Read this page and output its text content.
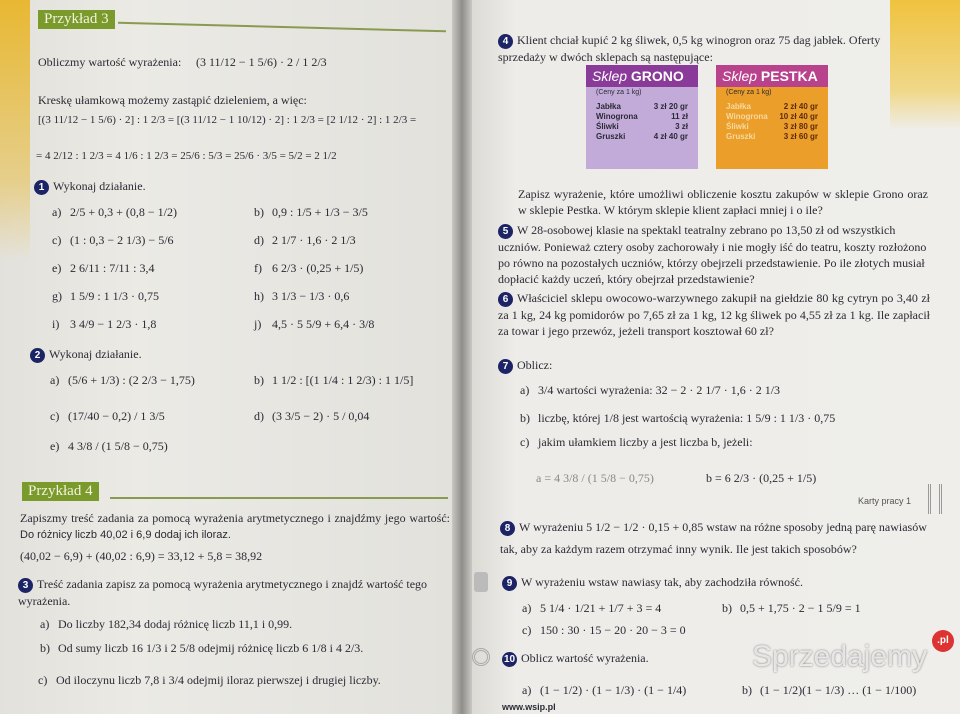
Przykład 3
Obliczmy wartość wyrażenia: (3 11/12 − 1 5/6) · 2 / 1 2/3
Kreskę ułamkową możemy zastąpić dzieleniem, a więc:
[(3 11/12 − 1 5/6) · 2] : 1 2/3 = [(3 11/12 − 1 10/12) · 2] : 1 2/3 = [2 1/12 · 2] : 1 2/3 =
= 4 2/12 : 1 2/3 = 4 1/6 : 1 2/3 = 25/6 : 5/3 = 25/6 · 3/5 = 5/2 = 2 1/2
1 Wykonaj działanie.
a) 2/5 + 0,3 + (0,8 − 1/2)	b) 0,9 : 1/5 + 1/3 − 3/5
c) (1 : 0,3 − 2 1/3) − 5/6	d) 2 1/7 · 1,6 · 2 1/3
e) 2 6/11 : 7/11 : 3,4	f) 6 2/3 · (0,25 + 1/5)
g) 1 5/9 : 1 1/3 · 0,75	h) 3 1/3 − 1/3 · 0,6
i) 3 4/9 − 1 2/3 · 1,8	j) 4,5 · 5 5/9 + 6,4 · 3/8
2 Wykonaj działanie.
a) (5/6 + 1/3) : (2 2/3 − 1,75)	b) 1 1/2 : [(1 1/4 : 1 2/3) : 1 1/5]
c) (17/40 − 0,2) / 1 3/5	d) (3 3/5 − 2) · 5 / 0,04
e) 4 3/8 / (1 5/8 − 0,75)
Przykład 4
Zapiszmy treść zadania za pomocą wyrażenia arytmetycznego i znajdźmy jego wartość: Do różnicy liczb 40,02 i 6,9 dodaj ich iloraz.
(40,02 − 6,9) + (40,02 : 6,9) = 33,12 + 5,8 = 38,92
3 Treść zadania zapisz za pomocą wyrażenia arytmetycznego i znajdź wartość tego wyrażenia.
a) Do liczby 182,34 dodaj różnicę liczb 11,1 i 0,99.
b) Od sumy liczb 16 1/3 i 2 5/8 odejmij różnicę liczb 6 1/8 i 4 2/3.
c) Od iloczynu liczb 7,8 i 3/4 odejmij iloraz pierwszej i drugiej liczby.
4 Klient chciał kupić 2 kg śliwek, 0,5 kg winogron oraz 75 dag jabłek. Oferty sprzedaży w dwóch sklepach są następujące:
Sklep GRONO
(Ceny za 1 kg)
Jabłka	3 zł 20 gr
Winogrona	11 zł
Śliwki	3 zł
Gruszki	4 zł 40 gr
Sklep PESTKA
(Ceny za 1 kg)
Jabłka	2 zł 40 gr
Winogrona 10 zł 40 gr
Śliwki	3 zł 80 gr
Gruszki	3 zł 60 gr
Zapisz wyrażenie, które umożliwi obliczenie kosztu zakupów w sklepie Grono oraz w sklepie Pestka. W którym sklepie klient zapłaci mniej i o ile?
5 W 28-osobowej klasie na spektakl teatralny zebrano po 13,50 zł od wszystkich uczniów. Ponieważ cztery osoby zachorowały i nie mogły iść do teatru, koszty rozłożono po równo na pozostałych uczniów, którzy obejrzeli przedstawienie. Po ile złotych musiał dopłacić każdy uczeń, który obejrzał przedstawienie?
6 Właściciel sklepu owocowo-warzywnego zakupił na giełdzie 80 kg cytryn po 3,40 zł za 1 kg, 24 kg pomidorów po 7,65 zł za 1 kg, 12 kg śliwek po 4,55 zł za 1 kg. Ile zapłacił za towar i jego przewóz, jeżeli transport kosztował 60 zł?
7 Oblicz:
a) 3/4 wartości wyrażenia: 32 − 2 · 2 1/7 · 1,6 · 2 1/3
b) liczbę, której 1/8 jest wartością wyrażenia: 1 5/9 : 1 1/3 · 0,75
c) jakim ułamkiem liczby a jest liczba b, jeżeli:
a = 4 3/8 / (1 5/8 − 0,75)	b = 6 2/3 · (0,25 + 1/5)
Karty pracy 1
8 W wyrażeniu 5 1/2 − 1/2 · 0,15 + 0,85 wstaw na różne sposoby jedną parę nawiasów tak, aby za każdym razem otrzymać inny wynik. Ile jest takich sposobów?
9 W wyrażeniu wstaw nawiasy tak, aby zachodziła równość.
a) 5 1/4 · 1/21 + 1/7 + 3 = 4	b) 0,5 + 1,75 · 2 − 1 5/9 = 1
c) 150 : 30 · 15 − 20 · 20 − 3 = 0
10 Oblicz wartość wyrażenia.
a) (1 − 1/2) · (1 − 1/3) · (1 − 1/4)	b) (1 − 1/2)(1 − 1/3) … (1 − 1/100)
www.wsip.pl
Sprzedajemy	.pl
